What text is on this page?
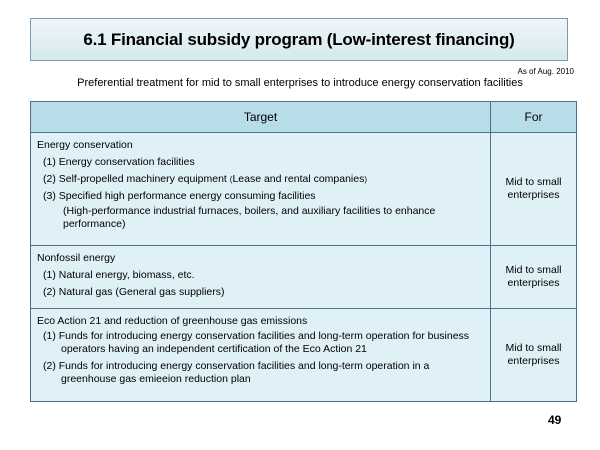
6.1 Financial subsidy program (Low-interest financing)
As of Aug. 2010
Preferential treatment for mid to small enterprises to introduce energy conservation facilities
Target	For

Energy conservation
(1) Energy conservation facilities
(2) Self-propelled machinery equipment (Lease and rental companies)
(3) Specified high performance energy consuming facilities
(High-performance industrial furnaces, boilers, and auxiliary facilities to enhance performance)	Mid to small enterprises

Nonfossil energy
(1) Natural energy, biomass, etc.
(2) Natural gas (General gas suppliers)	Mid to small enterprises

Eco Action 21 and reduction of greenhouse gas emissions
(1) Funds for introducing energy conservation facilities and long-term operation for business operators having an independent certification of the Eco Action 21
(2) Funds for introducing energy conservation facilities and long-term operation in a greenhouse gas emieeion reduction plan	Mid to small enterprises
49
